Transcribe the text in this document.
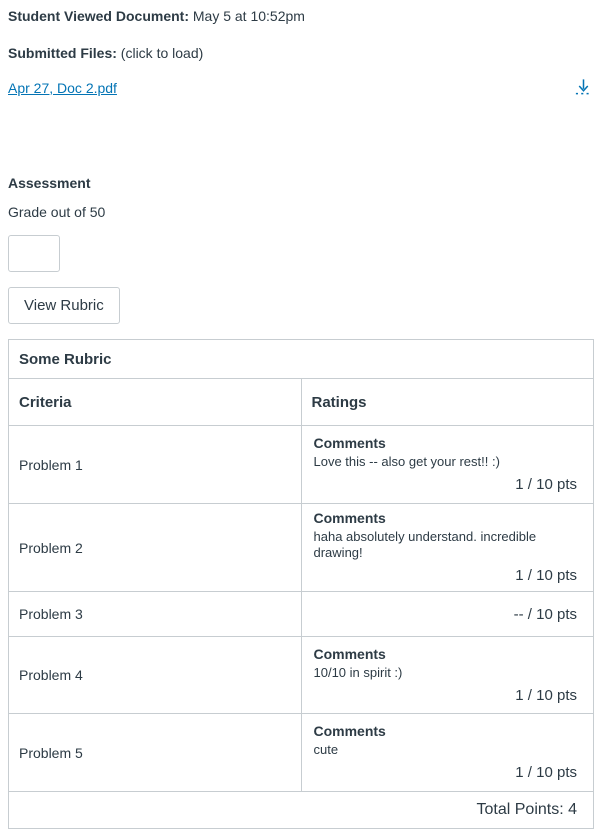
Student Viewed Document: May 5 at 10:52pm
Submitted Files: (click to load)
Apr 27, Doc 2.pdf
Assessment
Grade out of 50
View Rubric
Some Rubric	
Criteria	Ratings
Problem 1	Comments
Love this -- also get your rest!! :)
1 / 10 pts

Problem 2	Comments
haha absolutely understand. incredible drawing!
1 / 10 pts

Problem 3	-- / 10 pts

Problem 4	Comments
10/10 in spirit :)
1 / 10 pts

Problem 5	Comments
cute
1 / 10 pts

Total Points: 4	
